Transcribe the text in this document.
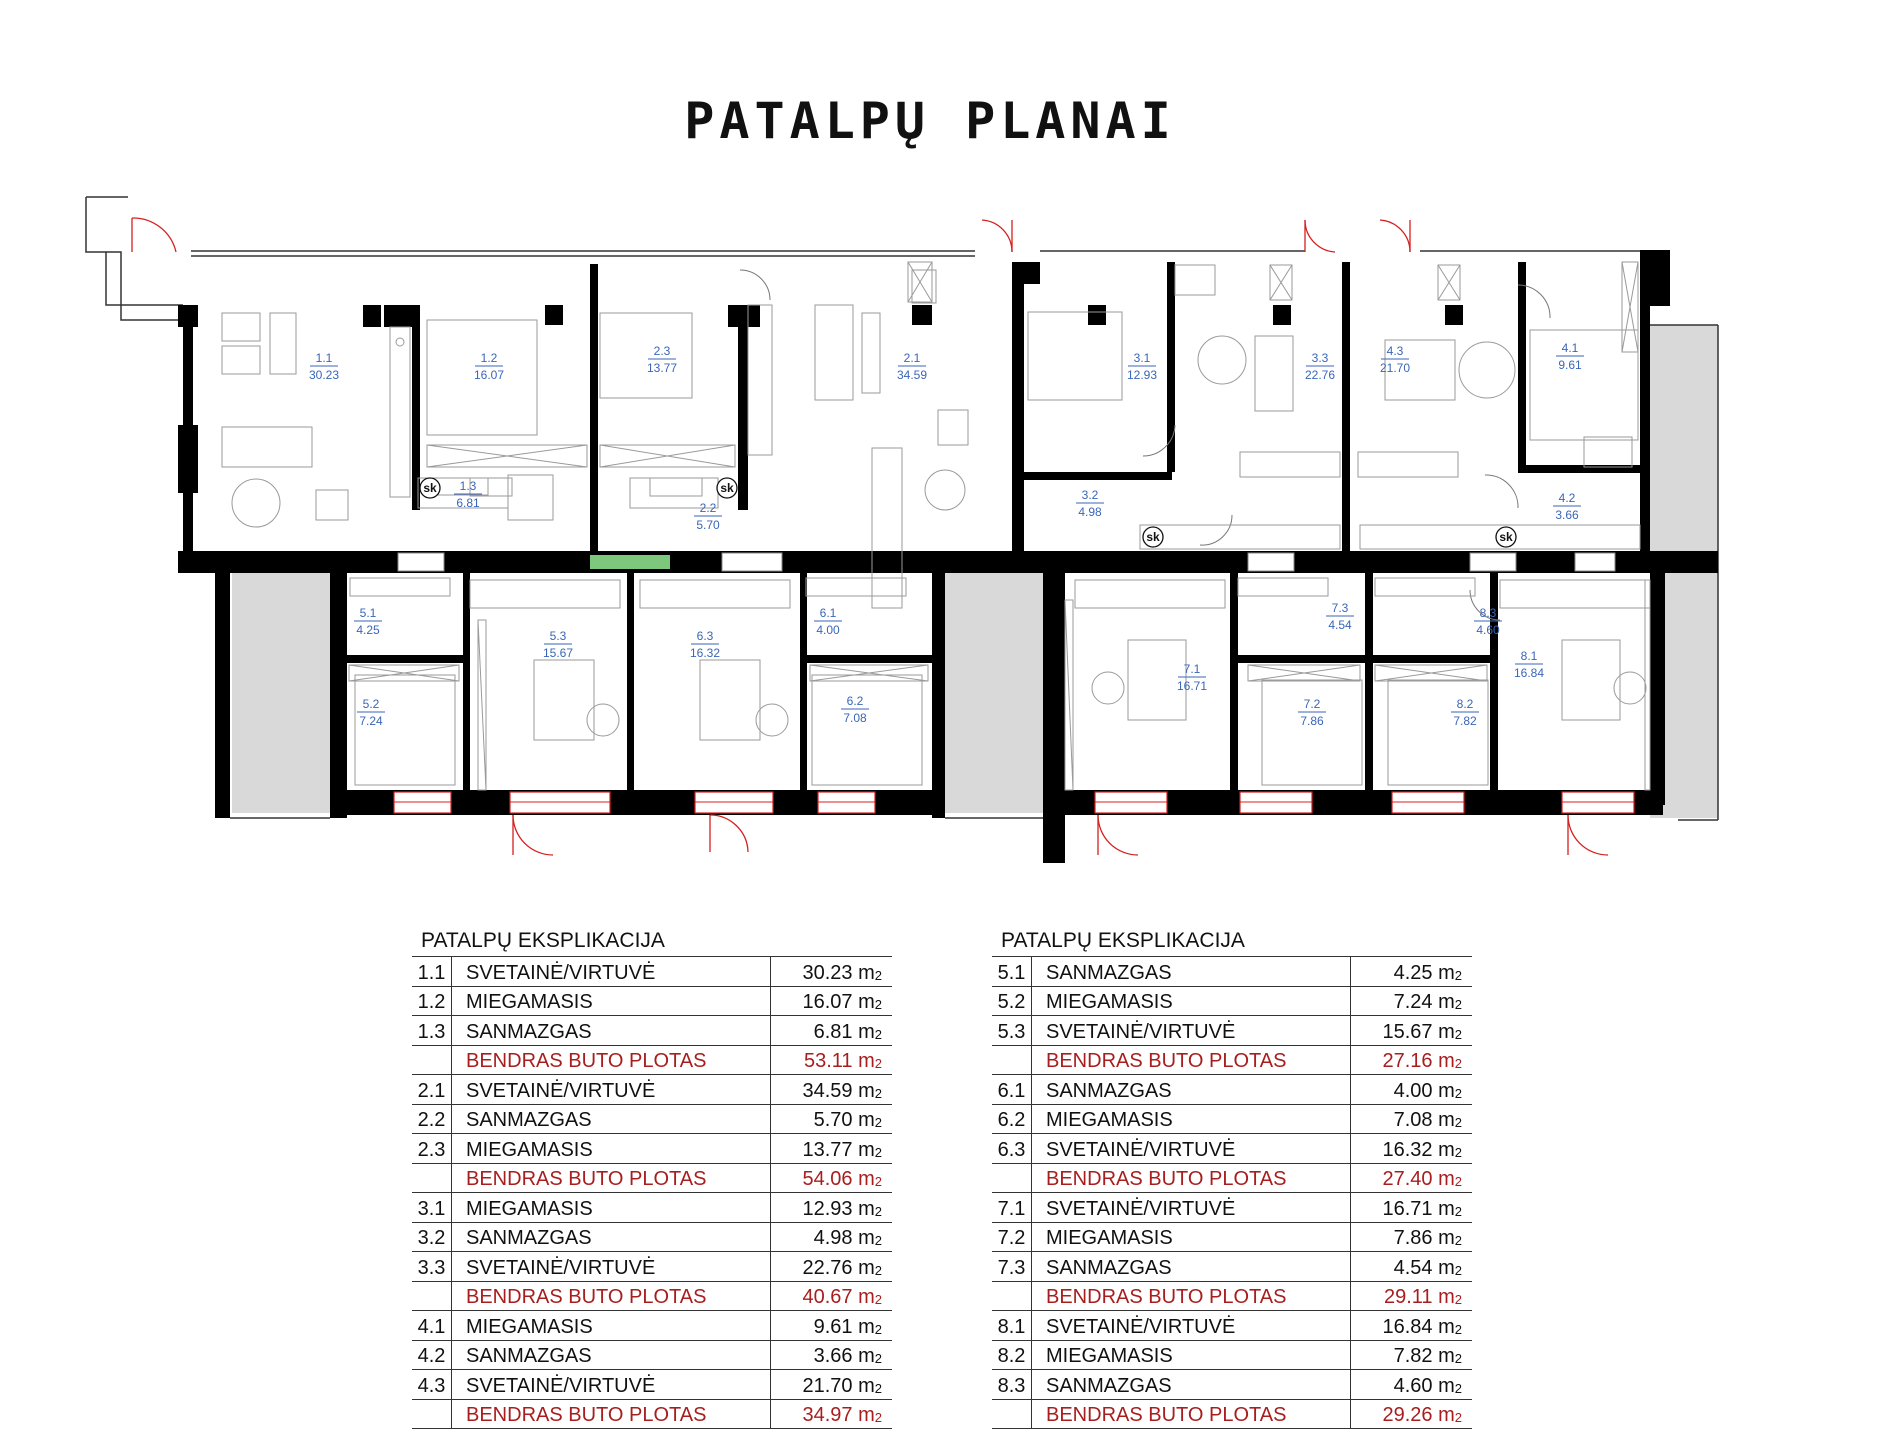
PATALPŲ PLANAI
1.1
30.23
1.2
16.07
1.3
6.81
2.3
13.77
2.1
34.59
2.2
5.70
3.1
12.93
3.3
22.76
3.2
4.98
4.3
21.70
4.1
9.61
4.2
3.66
5.1
4.25	5.3
15.67
5.2
7.24
6.3
16.32
6.1
4.00
6.2
7.08
7.1
16.71
7.3
4.54
7.2
7.86
8.3
4.60
8.1
16.84
8.2
7.82
sk	sk
sk	sk
PATALPŲ EKSPLIKACIJA
1.1	SVETAINĖ/VIRTUVĖ	30.23 $m^2$
1.2	MIEGAMASIS	16.07 $m^2$
1.3	SANMAZGAS	6.81 $m^2$
BENDRAS BUTO PLOTAS	53.11 $m^2$
2.1	SVETAINĖ/VIRTUVĖ	34.59 $m^2$
2.2	SANMAZGAS	5.70 $m^2$
2.3	MIEGAMASIS	13.77 $m^2$
BENDRAS BUTO PLOTAS	54.06 $m^2$
3.1	MIEGAMASIS	12.93 $m^2$
3.2	SANMAZGAS	4.98 $m^2$
3.3	SVETAINĖ/VIRTUVĖ	22.76 $m^2$
BENDRAS BUTO PLOTAS	40.67 $m^2$
4.1	MIEGAMASIS	9.61 $m^2$
4.2	SANMAZGAS	3.66 $m^2$
4.3	SVETAINĖ/VIRTUVĖ	21.70 $m^2$
BENDRAS BUTO PLOTAS	34.97 $m^2$
PATALPŲ EKSPLIKACIJA
5.1	SANMAZGAS	4.25 $m^2$
5.2	MIEGAMASIS	7.24 $m^2$
5.3	SVETAINĖ/VIRTUVĖ	15.67 $m^2$
BENDRAS BUTO PLOTAS	27.16 $m^2$
6.1	SANMAZGAS	4.00 $m^2$
6.2	MIEGAMASIS	7.08 $m^2$
6.3	SVETAINĖ/VIRTUVĖ	16.32 $m^2$
BENDRAS BUTO PLOTAS	27.40 $m^2$
7.1	SVETAINĖ/VIRTUVĖ	16.71 $m^2$
7.2	MIEGAMASIS	7.86 $m^2$
7.3	SANMAZGAS	4.54 $m^2$
BENDRAS BUTO PLOTAS	29.11 $m^2$
8.1	SVETAINĖ/VIRTUVĖ	16.84 $m^2$
8.2	MIEGAMASIS	7.82 $m^2$
8.3	SANMAZGAS	4.60 $m^2$
BENDRAS BUTO PLOTAS	29.26 $m^2$
